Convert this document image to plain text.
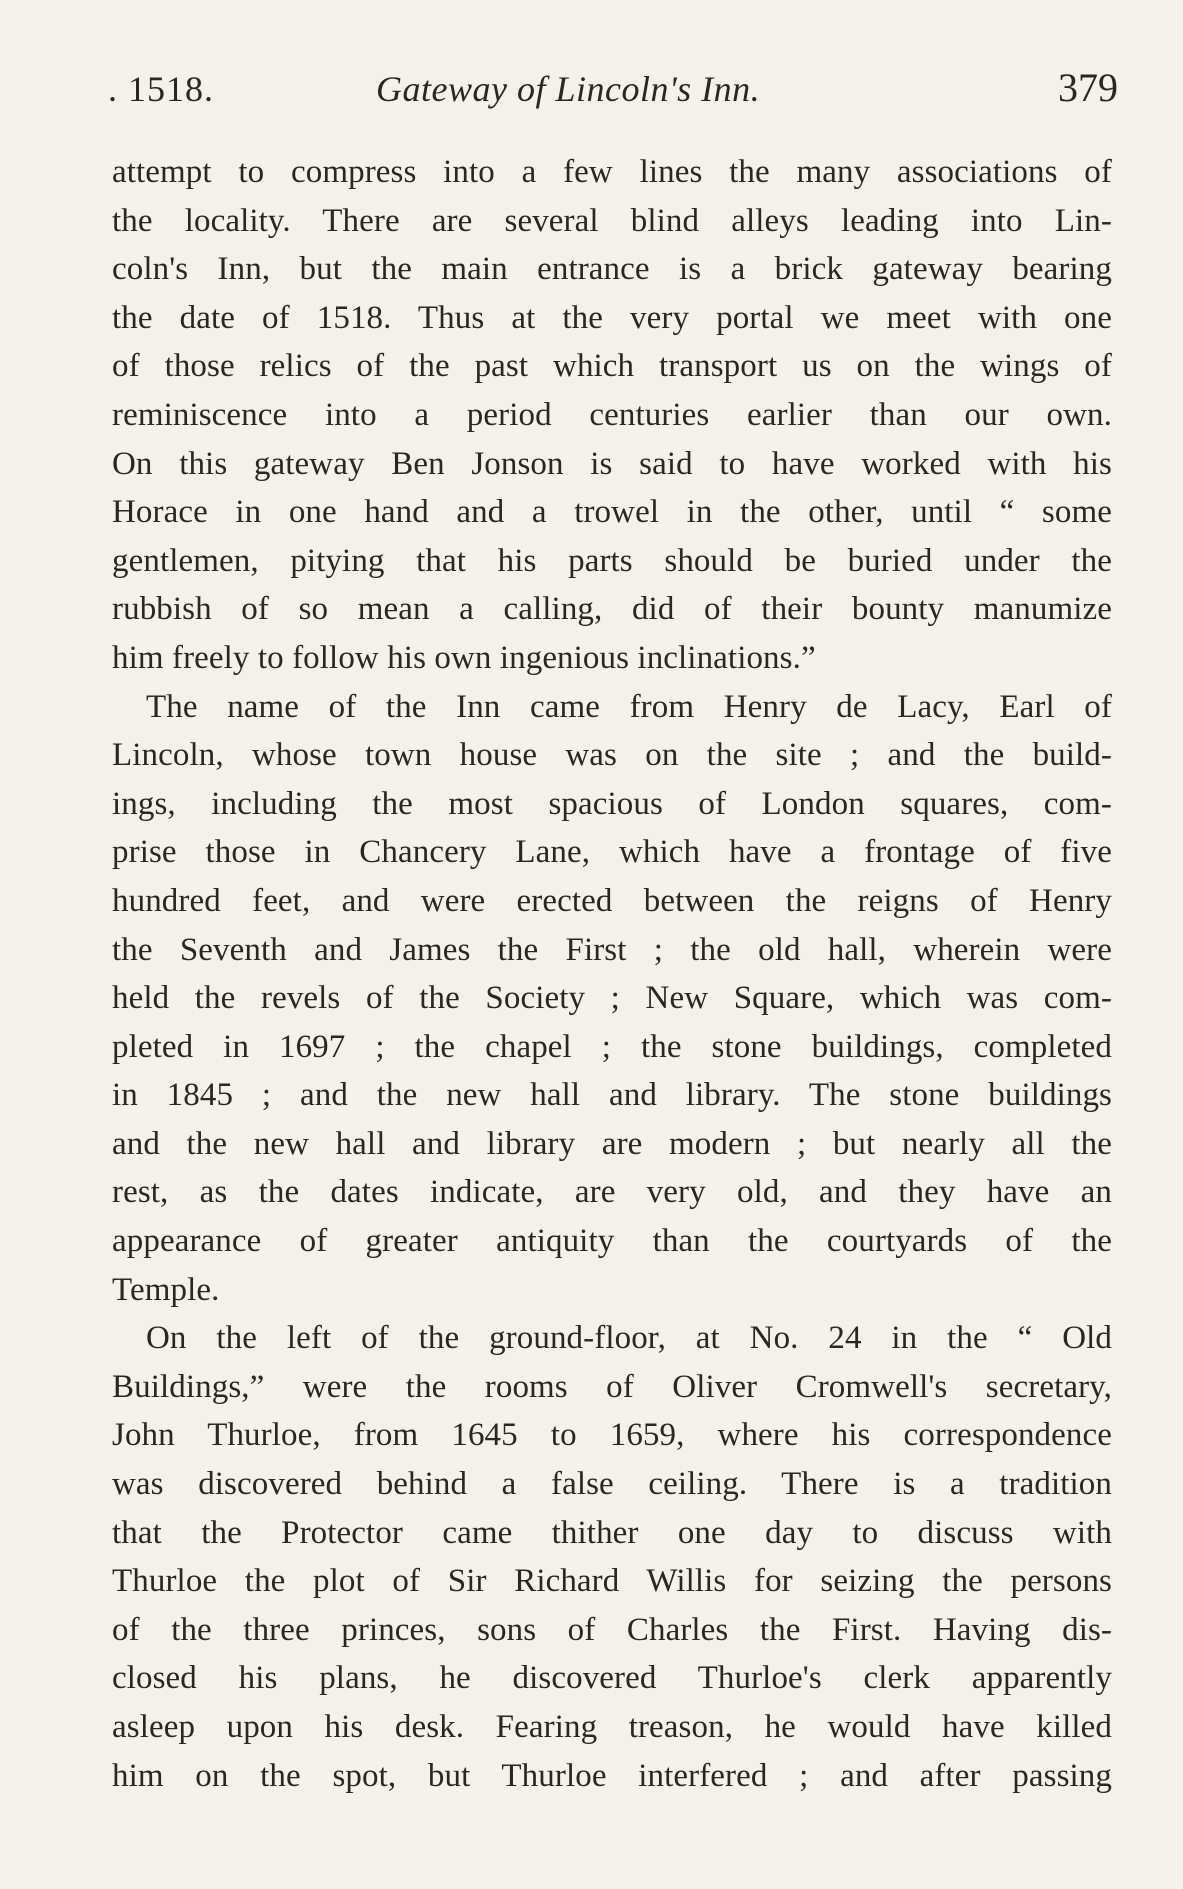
. 1518.	Gateway of Lincoln's Inn.	379
attempt to compress into a few lines the many associations of
the locality. There are several blind alleys leading into Lin-
coln's Inn, but the main entrance is a brick gateway bearing
the date of 1518. Thus at the very portal we meet with one
of those relics of the past which transport us on the wings of
reminiscence into a period centuries earlier than our own.
On this gateway Ben Jonson is said to have worked with his
Horace in one hand and a trowel in the other, until “ some
gentlemen, pitying that his parts should be buried under the
rubbish of so mean a calling, did of their bounty manumize
him freely to follow his own ingenious inclinations.”
The name of the Inn came from Henry de Lacy, Earl of
Lincoln, whose town house was on the site ; and the build-
ings, including the most spacious of London squares, com-
prise those in Chancery Lane, which have a frontage of five
hundred feet, and were erected between the reigns of Henry
the Seventh and James the First ; the old hall, wherein were
held the revels of the Society ; New Square, which was com-
pleted in 1697 ; the chapel ; the stone buildings, completed
in 1845 ; and the new hall and library. The stone buildings
and the new hall and library are modern ; but nearly all the
rest, as the dates indicate, are very old, and they have an
appearance of greater antiquity than the courtyards of the
Temple.
On the left of the ground-floor, at No. 24 in the “ Old
Buildings,” were the rooms of Oliver Cromwell's secretary,
John Thurloe, from 1645 to 1659, where his correspondence
was discovered behind a false ceiling. There is a tradition
that the Protector came thither one day to discuss with
Thurloe the plot of Sir Richard Willis for seizing the persons
of the three princes, sons of Charles the First. Having dis-
closed his plans, he discovered Thurloe's clerk apparently
asleep upon his desk. Fearing treason, he would have killed
him on the spot, but Thurloe interfered ; and after passing
